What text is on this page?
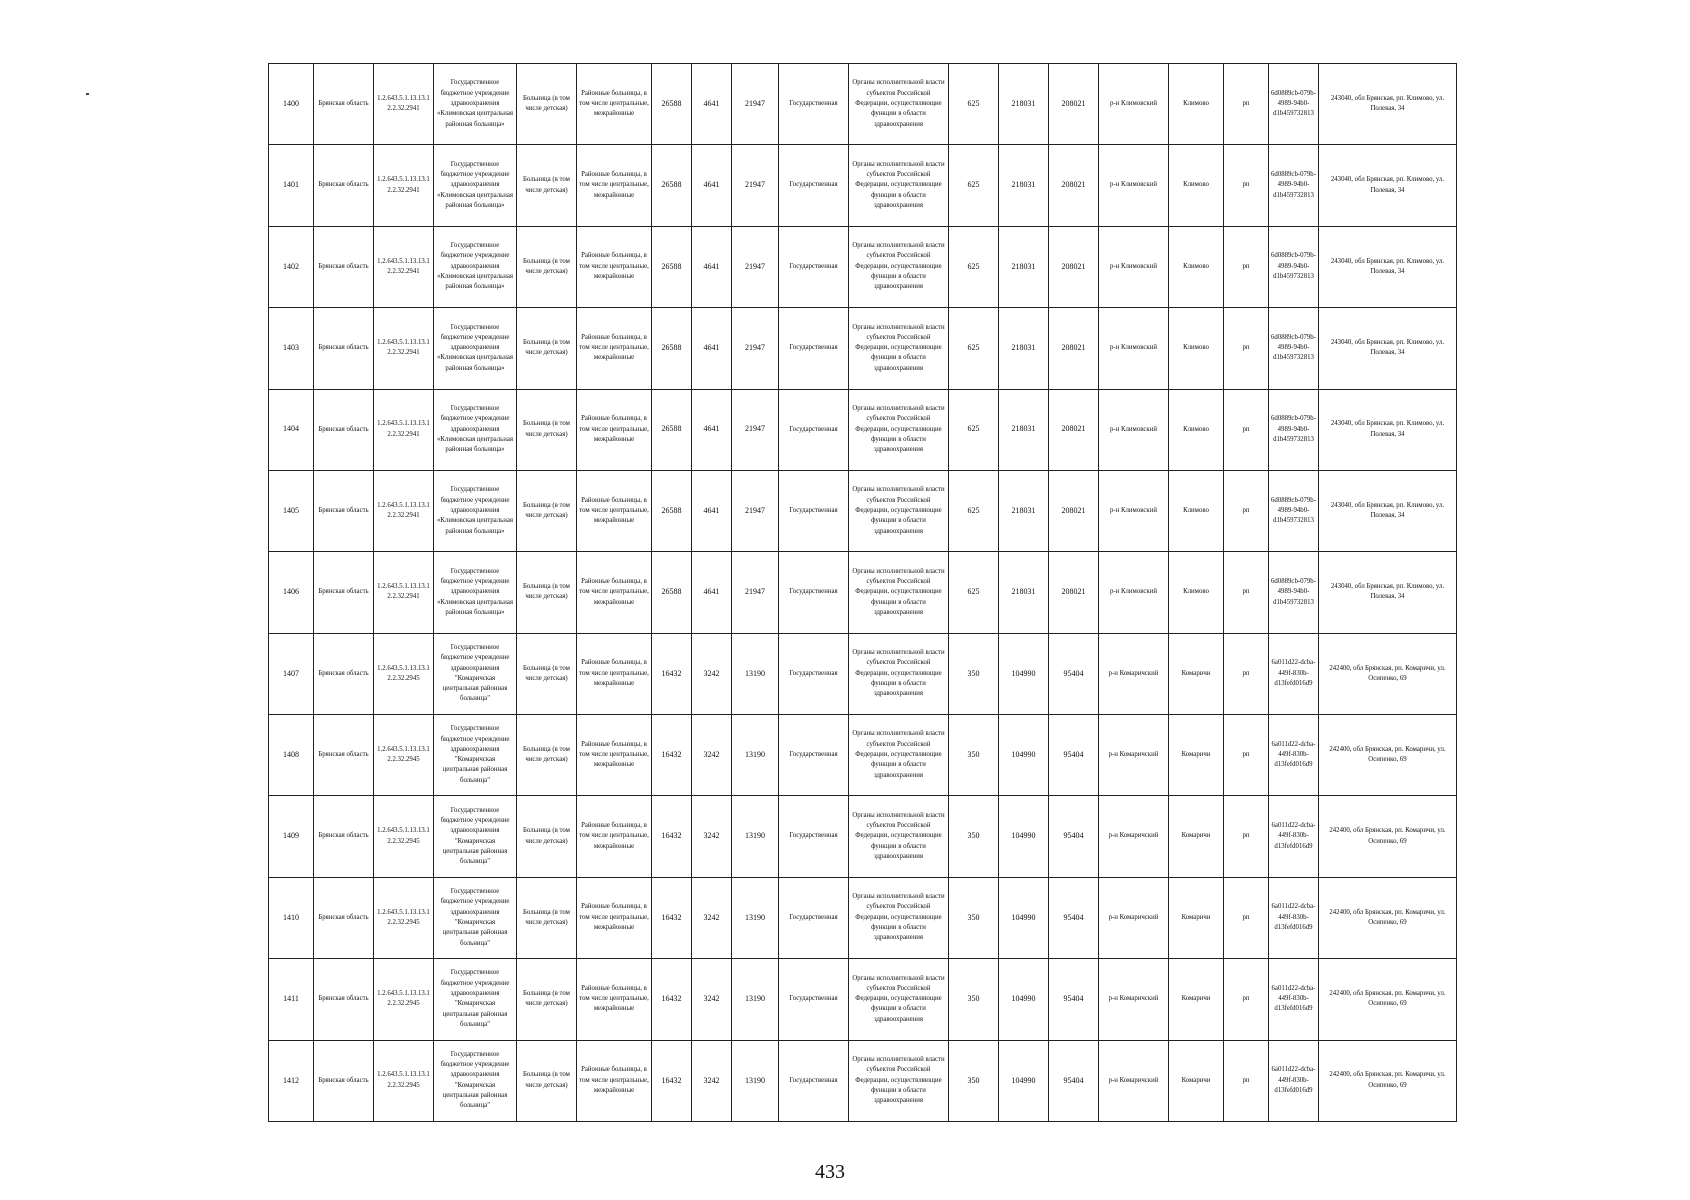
1400	Брянская область	1.2.643.5.1.13.13.12.2.32.2941	Государственное бюджетное учреждение здравоохранения «Климовская центральная районная больница»	Больница (в том числе детская)	Районные больницы, в том числе центральные, межрайонные	26588	4641	21947	Государственная	Органы исполнительной власти субъектов Российской Федерации, осуществляющие функции в области здравоохранения	625	218031	208021	р-н Климовский	Климово	рп	6d0889cb-079b-4989-94b0-d1b459732813	243040, обл Брянская, рп. Климово, ул. Полевая, 34
1401	Брянская область	1.2.643.5.1.13.13.12.2.32.2941	Государственное бюджетное учреждение здравоохранения «Климовская центральная районная больница»	Больница (в том числе детская)	Районные больницы, в том числе центральные, межрайонные	26588	4641	21947	Государственная	Органы исполнительной власти субъектов Российской Федерации, осуществляющие функции в области здравоохранения	625	218031	208021	р-н Климовский	Климово	рп	6d0889cb-079b-4989-94b0-d1b459732813	243040, обл Брянская, рп. Климово, ул. Полевая, 34
1402	Брянская область	1.2.643.5.1.13.13.12.2.32.2941	Государственное бюджетное учреждение здравоохранения «Климовская центральная районная больница»	Больница (в том числе детская)	Районные больницы, в том числе центральные, межрайонные	26588	4641	21947	Государственная	Органы исполнительной власти субъектов Российской Федерации, осуществляющие функции в области здравоохранения	625	218031	208021	р-н Климовский	Климово	рп	6d0889cb-079b-4989-94b0-d1b459732813	243040, обл Брянская, рп. Климово, ул. Полевая, 34
1403	Брянская область	1.2.643.5.1.13.13.12.2.32.2941	Государственное бюджетное учреждение здравоохранения «Климовская центральная районная больница»	Больница (в том числе детская)	Районные больницы, в том числе центральные, межрайонные	26588	4641	21947	Государственная	Органы исполнительной власти субъектов Российской Федерации, осуществляющие функции в области здравоохранения	625	218031	208021	р-н Климовский	Климово	рп	6d0889cb-079b-4989-94b0-d1b459732813	243040, обл Брянская, рп. Климово, ул. Полевая, 34
1404	Брянская область	1.2.643.5.1.13.13.12.2.32.2941	Государственное бюджетное учреждение здравоохранения «Климовская центральная районная больница»	Больница (в том числе детская)	Районные больницы, в том числе центральные, межрайонные	26588	4641	21947	Государственная	Органы исполнительной власти субъектов Российской Федерации, осуществляющие функции в области здравоохранения	625	218031	208021	р-н Климовский	Климово	рп	6d0889cb-079b-4989-94b0-d1b459732813	243040, обл Брянская, рп. Климово, ул. Полевая, 34
1405	Брянская область	1.2.643.5.1.13.13.12.2.32.2941	Государственное бюджетное учреждение здравоохранения «Климовская центральная районная больница»	Больница (в том числе детская)	Районные больницы, в том числе центральные, межрайонные	26588	4641	21947	Государственная	Органы исполнительной власти субъектов Российской Федерации, осуществляющие функции в области здравоохранения	625	218031	208021	р-н Климовский	Климово	рп	6d0889cb-079b-4989-94b0-d1b459732813	243040, обл Брянская, рп. Климово, ул. Полевая, 34
1406	Брянская область	1.2.643.5.1.13.13.12.2.32.2941	Государственное бюджетное учреждение здравоохранения «Климовская центральная районная больница»	Больница (в том числе детская)	Районные больницы, в том числе центральные, межрайонные	26588	4641	21947	Государственная	Органы исполнительной власти субъектов Российской Федерации, осуществляющие функции в области здравоохранения	625	218031	208021	р-н Климовский	Климово	рп	6d0889cb-079b-4989-94b0-d1b459732813	243040, обл Брянская, рп. Климово, ул. Полевая, 34
1407	Брянская область	1.2.643.5.1.13.13.12.2.32.2945	Государственное бюджетное учреждение здравоохранения "Комаричская центральная районная больница"	Больница (в том числе детская)	Районные больницы, в том числе центральные, межрайонные	16432	3242	13190	Государственная	Органы исполнительной власти субъектов Российской Федерации, осуществляющие функции в области здравоохранения	350	104990	95404	р-н Комаричский	Комаричи	рп	6a011d22-dcba-449f-830b-d13fefd016d9	242400, обл Брянская, рп. Комаричи, ул. Осипенко, 69
1408	Брянская область	1.2.643.5.1.13.13.12.2.32.2945	Государственное бюджетное учреждение здравоохранения "Комаричская центральная районная больница"	Больница (в том числе детская)	Районные больницы, в том числе центральные, межрайонные	16432	3242	13190	Государственная	Органы исполнительной власти субъектов Российской Федерации, осуществляющие функции в области здравоохранения	350	104990	95404	р-н Комаричский	Комаричи	рп	6a011d22-dcba-449f-830b-d13fefd016d9	242400, обл Брянская, рп. Комаричи, ул. Осипенко, 69
1409	Брянская область	1.2.643.5.1.13.13.12.2.32.2945	Государственное бюджетное учреждение здравоохранения "Комаричская центральная районная больница"	Больница (в том числе детская)	Районные больницы, в том числе центральные, межрайонные	16432	3242	13190	Государственная	Органы исполнительной власти субъектов Российской Федерации, осуществляющие функции в области здравоохранения	350	104990	95404	р-н Комаричский	Комаричи	рп	6a011d22-dcba-449f-830b-d13fefd016d9	242400, обл Брянская, рп. Комаричи, ул. Осипенко, 69
1410	Брянская область	1.2.643.5.1.13.13.12.2.32.2945	Государственное бюджетное учреждение здравоохранения "Комаричская центральная районная больница"	Больница (в том числе детская)	Районные больницы, в том числе центральные, межрайонные	16432	3242	13190	Государственная	Органы исполнительной власти субъектов Российской Федерации, осуществляющие функции в области здравоохранения	350	104990	95404	р-н Комаричский	Комаричи	рп	6a011d22-dcba-449f-830b-d13fefd016d9	242400, обл Брянская, рп. Комаричи, ул. Осипенко, 69
1411	Брянская область	1.2.643.5.1.13.13.12.2.32.2945	Государственное бюджетное учреждение здравоохранения "Комаричская центральная районная больница"	Больница (в том числе детская)	Районные больницы, в том числе центральные, межрайонные	16432	3242	13190	Государственная	Органы исполнительной власти субъектов Российской Федерации, осуществляющие функции в области здравоохранения	350	104990	95404	р-н Комаричский	Комаричи	рп	6a011d22-dcba-449f-830b-d13fefd016d9	242400, обл Брянская, рп. Комаричи, ул. Осипенко, 69
1412	Брянская область	1.2.643.5.1.13.13.12.2.32.2945	Государственное бюджетное учреждение здравоохранения "Комаричская центральная районная больница"	Больница (в том числе детская)	Районные больницы, в том числе центральные, межрайонные	16432	3242	13190	Государственная	Органы исполнительной власти субъектов Российской Федерации, осуществляющие функции в области здравоохранения	350	104990	95404	р-н Комаричский	Комаричи	рп	6a011d22-dcba-449f-830b-d13fefd016d9	242400, обл Брянская, рп. Комаричи, ул. Осипенко, 69
433
